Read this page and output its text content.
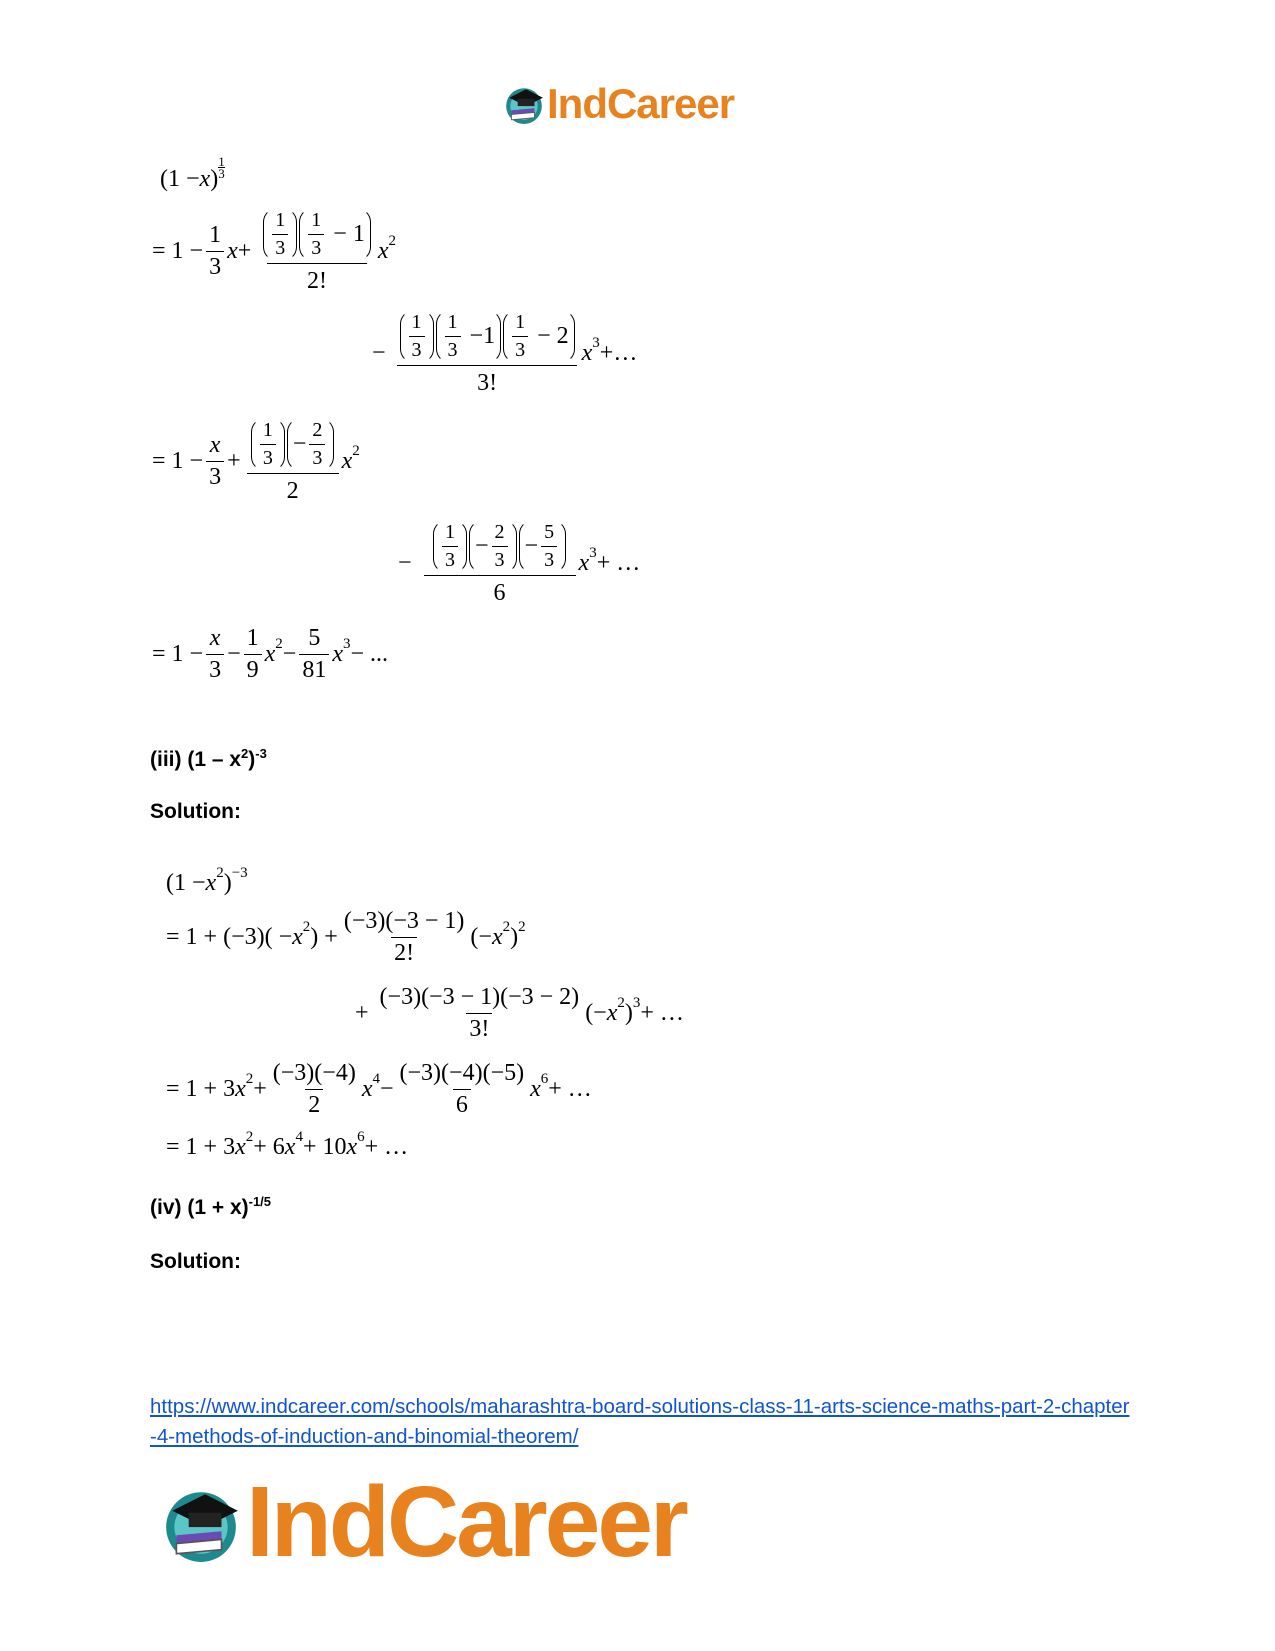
IndCareer
(1 − x )
1
3
= $1 - \frac{1}{3}$ $x + \frac{\frac{1}{3} \frac{1}{3} - 1}{2!}$ x 2
− $\frac{\frac{1}{3} \frac{1}{3} -1 \frac{1}{3} - 2}{3!}$ x 3 +…
= $1 - \frac{x}{3} + \frac{\frac{1}{3} - \frac{2}{3}}{2}$ x 2
− $\frac{\frac{1}{3} - \frac{2}{3} - \frac{5}{3}}{6}$ x 3 + …
= $1 - \frac{x}{3} - \frac{1}{9}$ x $2 - \frac{5}{81}$ x 3 − ...
(iii) $(1 - x^2)^{-3}$
Solution:
(1 − x 2 ) −3
= 1
+ (−3)( − x 2 ) + $\frac{(-3)(-3 - 1)}{2!}$ (− x 2 ) 2
+ $\frac{(-3)(-3 - 1)(-3 - 2)}{3!}$ (− x 2 ) 3 + …
= 1 + 3 x $2 + \frac{(-3)(-4)}{2}$ x $4 - \frac{(-3)(-4)(-5)}{6}$ x 6 + …
= 1 + 3 x 2 + 6 x 4 + 10 x 6 + …
(iv) $(1 + x)^{-1/5}$
Solution:
https://www.indcareer.com/schools/maharashtra-board-solutions-class-11-arts-science-maths-part-2-chapter-4-methods-of-induction-and-binomial-theorem/
IndCareer
